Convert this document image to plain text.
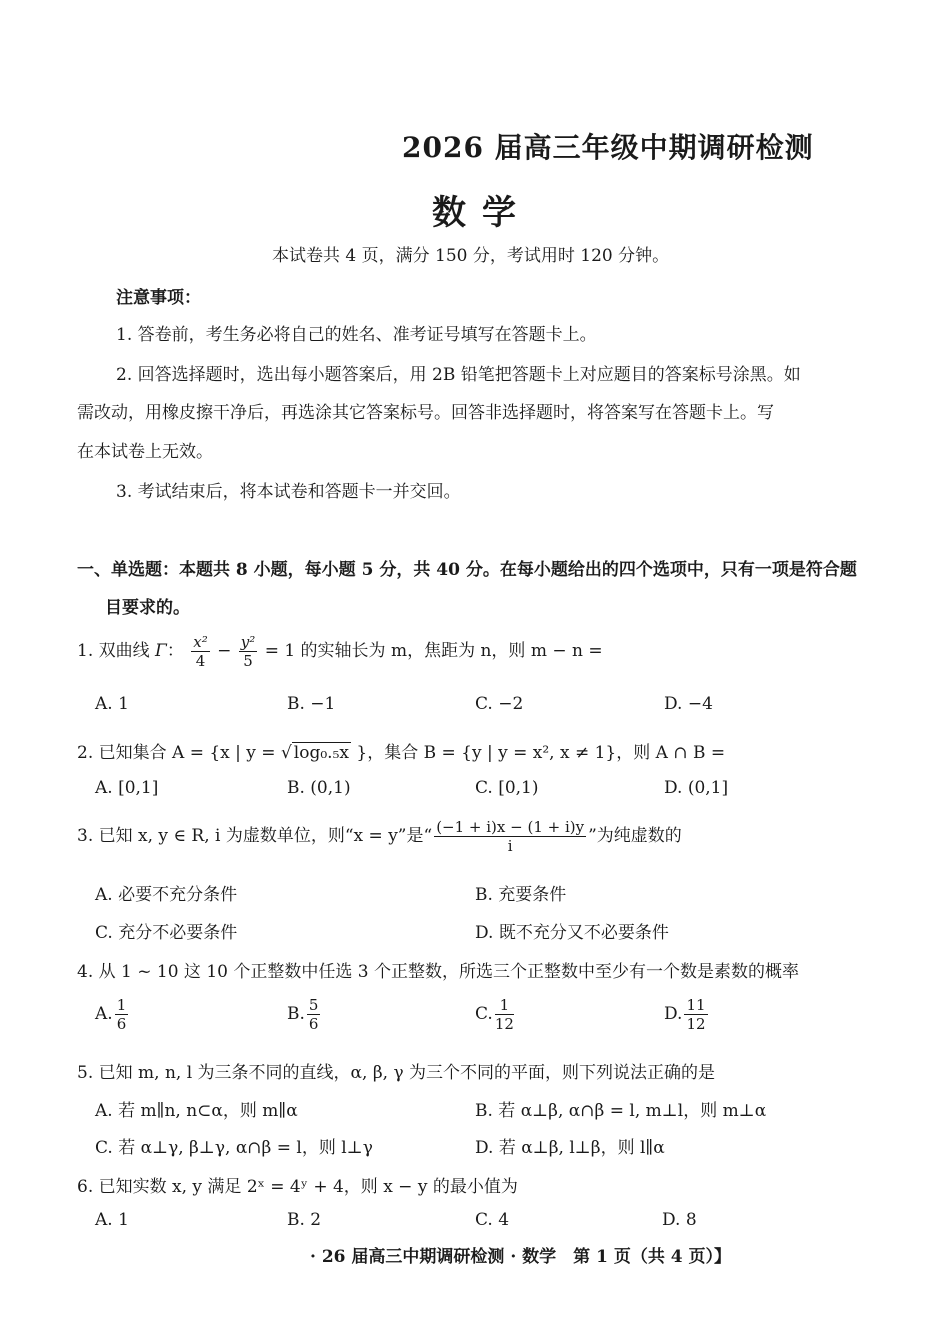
2026 届高三年级中期调研检测
数学
本试卷共 4 页，满分 150 分，考试用时 120 分钟。
注意事项：
1. 答卷前，考生务必将自己的姓名、准考证号填写在答题卡上。
2. 回答选择题时，选出每小题答案后，用 2B 铅笔把答题卡上对应题目的答案标号涂黑。如
需改动，用橡皮擦干净后，再选涂其它答案标号。回答非选择题时，将答案写在答题卡上。写
在本试卷上无效。
3. 考试结束后，将本试卷和答题卡一并交回。
一、单选题：本题共 8 小题，每小题 5 分，共 40 分。在每小题给出的四个选项中，只有一项是符合题
目要求的。
1. 双曲线 Γ： $\frac{\text{x²}}{4} - \frac{\text{y²}}{5} = 1$ 的实轴长为 m，焦距为 n，则 m − n =
A. 1	B. −1	C. −2	D. −4
2. 已知集合 A = {x | y = √ log₀.₅x }，集合 B = {y | y = x², x ≠ 1}，则 A ∩ B =
A. [0,1]	B. (0,1)	C. [0,1)	D. (0,1]
3. 已知 x, y ∈ R, i 为虚数单位，则“x = y”是“ $\frac{(-1 + i)x - (1 + i)y}{i}$ ”为纯虚数的
A. 必要不充分条件	B. 充要条件
C. 充分不必要条件	D. 既不充分又不必要条件
4. 从 1 ~ 10 这 10 个正整数中任选 3 个正整数，所选三个正整数中至少有一个数是素数的概率
A. $\frac{1}{6}$	B. $\frac{5}{6}$	C. $\frac{1}{12}$	D. $\frac{11}{12}$
5. 已知 m, n, l 为三条不同的直线，α, β, γ 为三个不同的平面，则下列说法正确的是
A. 若 m∥n, n⊂α，则 m∥α	B. 若 α⊥β, α∩β = l, m⊥l，则 m⊥α
C. 若 α⊥γ, β⊥γ, α∩β = l，则 l⊥γ	D. 若 α⊥β, l⊥β，则 l∥α
6. 已知实数 x, y 满足 2ˣ = 4ʸ + 4，则 x − y 的最小值为
A. 1	B. 2	C. 4	D. 8
· 26 届高三中期调研检测 · 数学　第 1 页（共 4 页）】
